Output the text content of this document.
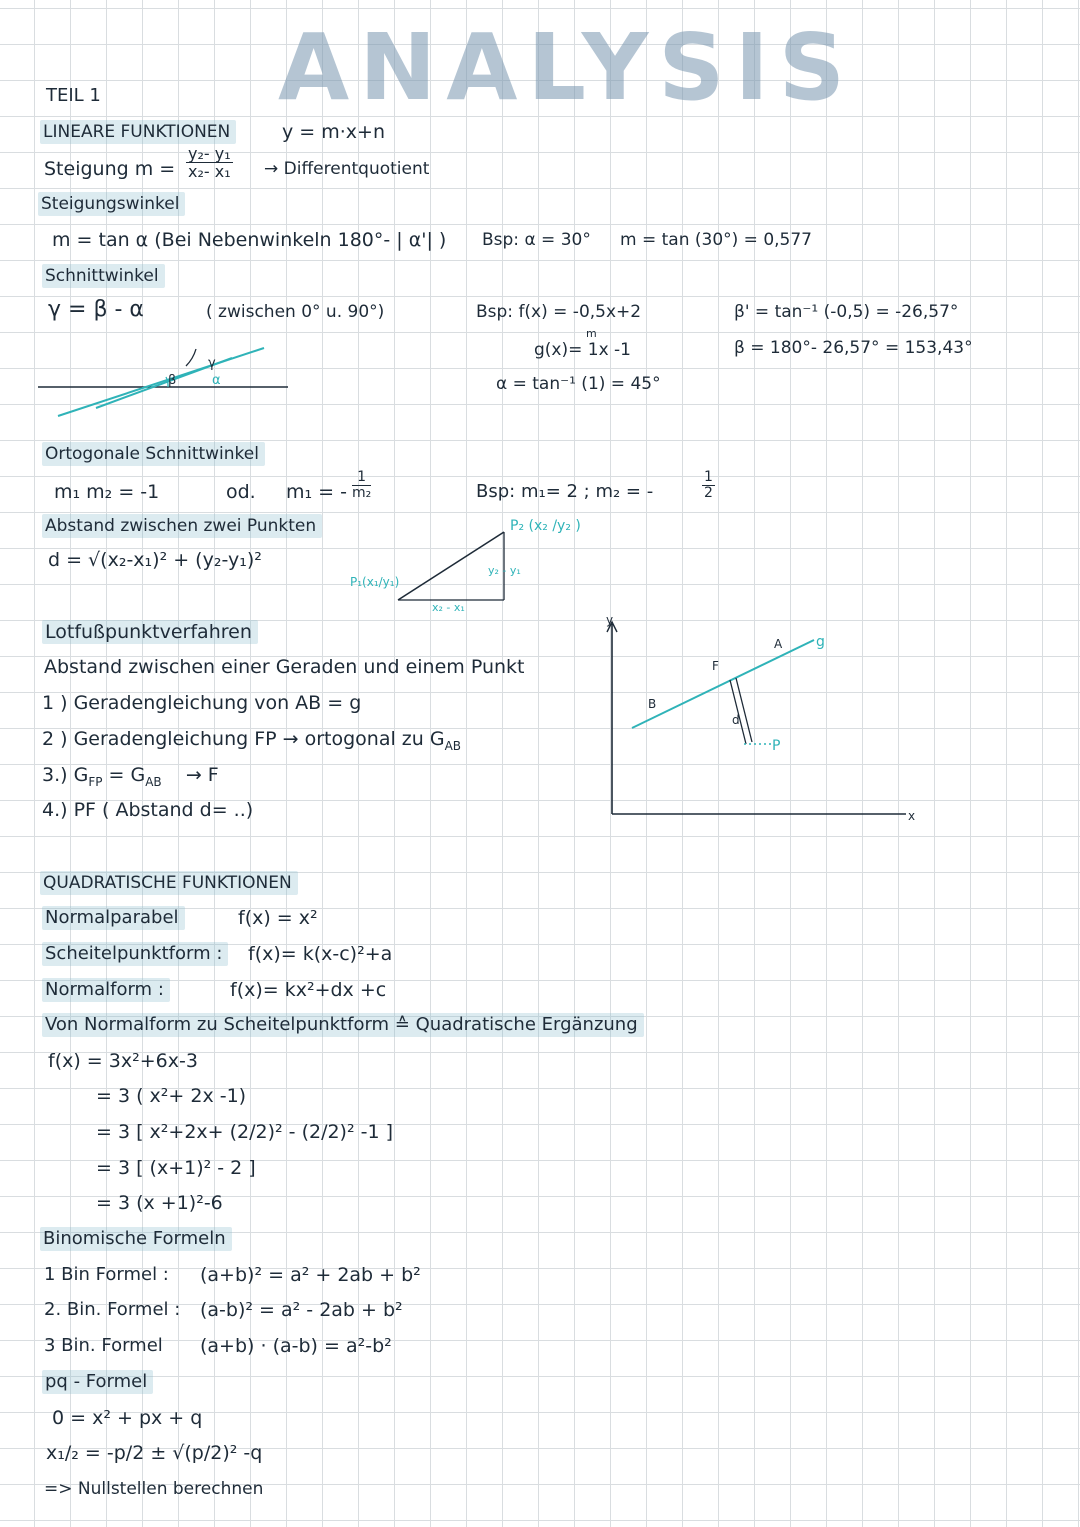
ANALYSIS
TEIL 1
LINEARE FUNKTIONEN	y = m·x+n
Steigung $m = \frac{\text{y₂- y₁}}{\text{x₂- x₁}}$ → Differentquotient
Steigungswinkel
m = tan α (Bei Nebenwinkeln 180°- | α'| ) Bsp: α = 30° m = tan (30°) = 0,577
Schnittwinkel
γ = β - α	( zwischen 0° u. 90°)	Bsp: f(x) = -0,5x+2
m
g(x)= 1x -1
α = tan⁻¹ (1) = 45°
β' = tan⁻¹ (-0,5) = -26,57°
β = 180°- 26,57° = 153,43°
γ
β	α
Ortogonale Schnittwinkel
m₁ m₂ = -1	od. m₁ = - $\frac{1}{\text{m₂}}$	Bsp: m₁= 2 ; m₂ = -	$\frac{1}{2}$
Abstand zwischen zwei Punkten
d = √(x₂-x₁)² + (y₂-y₁)²
P₁(x₁/y₁)
P₂ (x₂ /y₂ )
x₂ - x₁
y₂ - y₁
Lotfußpunktverfahren
Abstand zwischen einer Geraden und einem Punkt
1 ) Geradengleichung von AB = g
2 ) Geradengleichung FP → ortogonal zu $G_{AB}$
3.) $G_{FP} = G_{AB} \to F$
4.) PF ( Abstand d= ..)
y
x
B
F
A g
d
P
QUADRATISCHE FUNKTIONEN
Normalparabel	f(x) = x²
Scheitelpunktform :	f(x)= k(x-c)²+a
Normalform :	f(x)= kx²+dx +c
Von Normalform zu Scheitelpunktform ≙ Quadratische Ergänzung
f(x) = 3x²+6x-3
= 3 ( x²+ 2x -1)
= 3 [ x²+2x+ (2/2)² - (2/2)² -1 ]
= 3 [ (x+1)² - 2 ]
= 3 (x +1)²-6
Binomische Formeln
1 Bin Formel : (a+b)² = a² + 2ab + b²
2. Bin. Formel : (a-b)² = a² - 2ab + b²
3 Bin. Formel (a+b) · (a-b) = a²-b²
pq - Formel
0 = x² + px + q
x₁/₂ = -p/2 ± √(p/2)² -q
=> Nullstellen berechnen
